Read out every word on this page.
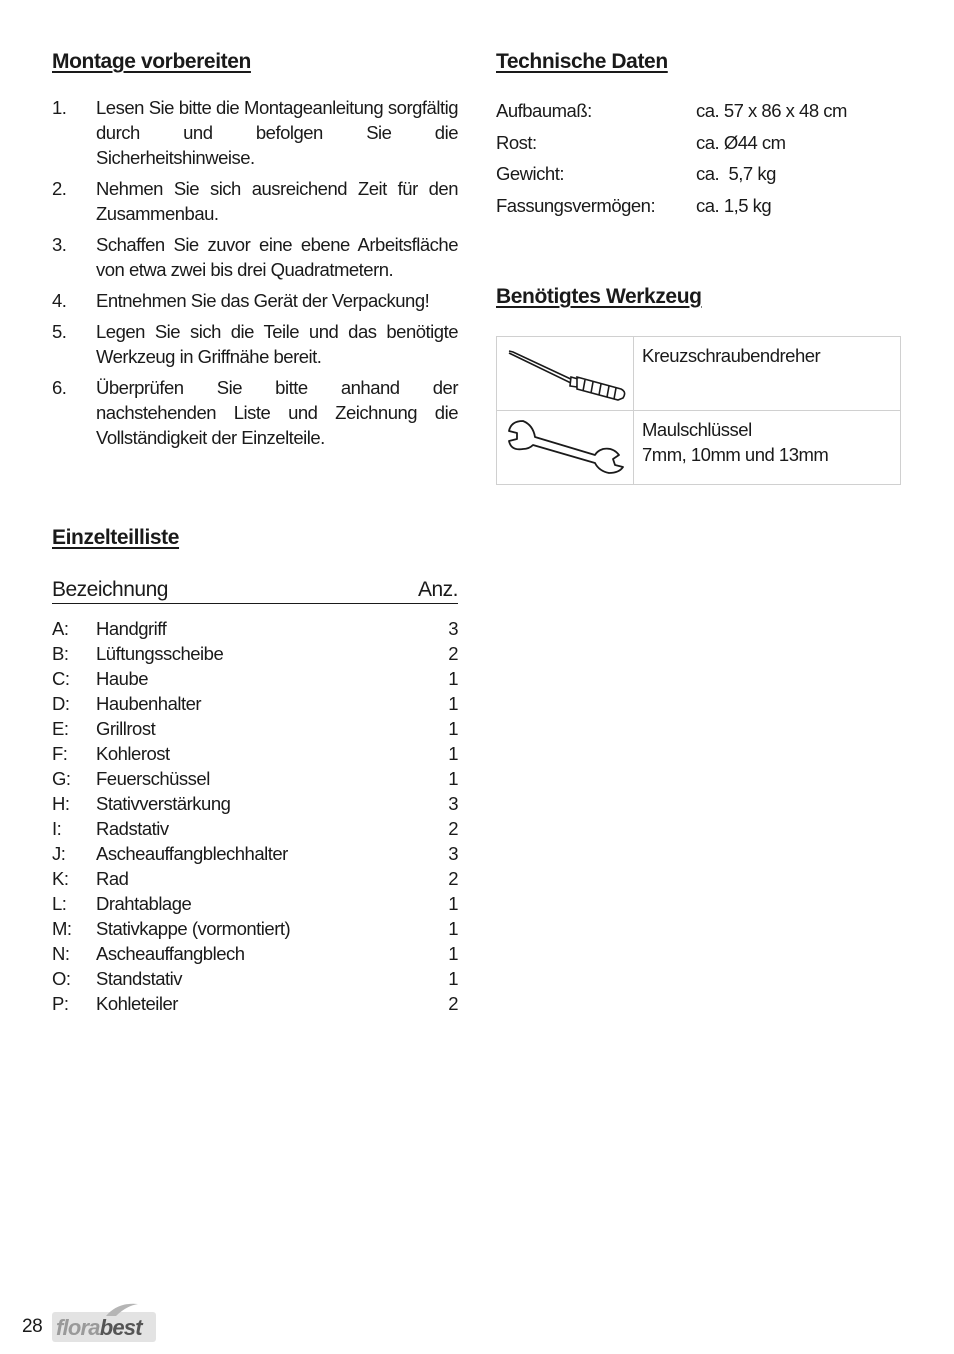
Montage vorbereiten
1.	Lesen Sie bitte die Montageanleitung sorgfältig durch und befolgen Sie die Sicherheitshinweise.
2.	Nehmen Sie sich ausreichend Zeit für den Zusammenbau.
3.	Schaffen Sie zuvor eine ebene Arbeitsfläche von etwa zwei bis drei Quadratmetern.
4.	Entnehmen Sie das Gerät der Verpackung!
5.	Legen Sie sich die Teile und das benötigte Werkzeug in Griffnähe bereit.
6.	Überprüfen Sie bitte anhand der nachstehenden Liste und Zeichnung die Vollständigkeit der Einzelteile.
Technische Daten
Aufbaumaß:	ca. 57 x 86 x 48 cm
Rost:	ca. Ø44 cm
Gewicht:	ca.  5,7 kg
Fassungsvermögen:	ca. 1,5 kg
Benötigtes Werkzeug

Kreuzschraubendreher

Maulschlüssel
7mm, 10mm und 13mm
Einzelteilliste
Bezeichnung	Anz.
A:	Handgriff	3
B:	Lüftungsscheibe	2
C:	Haube	1
D:	Haubenhalter	1
E:	Grillrost	1
F:	Kohlerost	1
G:	Feuerschüssel	1
H:	Stativverstärkung	3
I:	Radstativ	2
J:	Ascheauffangblechhalter	3
K:	Rad	2
L:	Drahtablage	1
M:	Stativkappe (vormontiert)	1
N:	Ascheauffangblech	1
O:	Standstativ	1
P:	Kohleteiler	2
28 florabest
